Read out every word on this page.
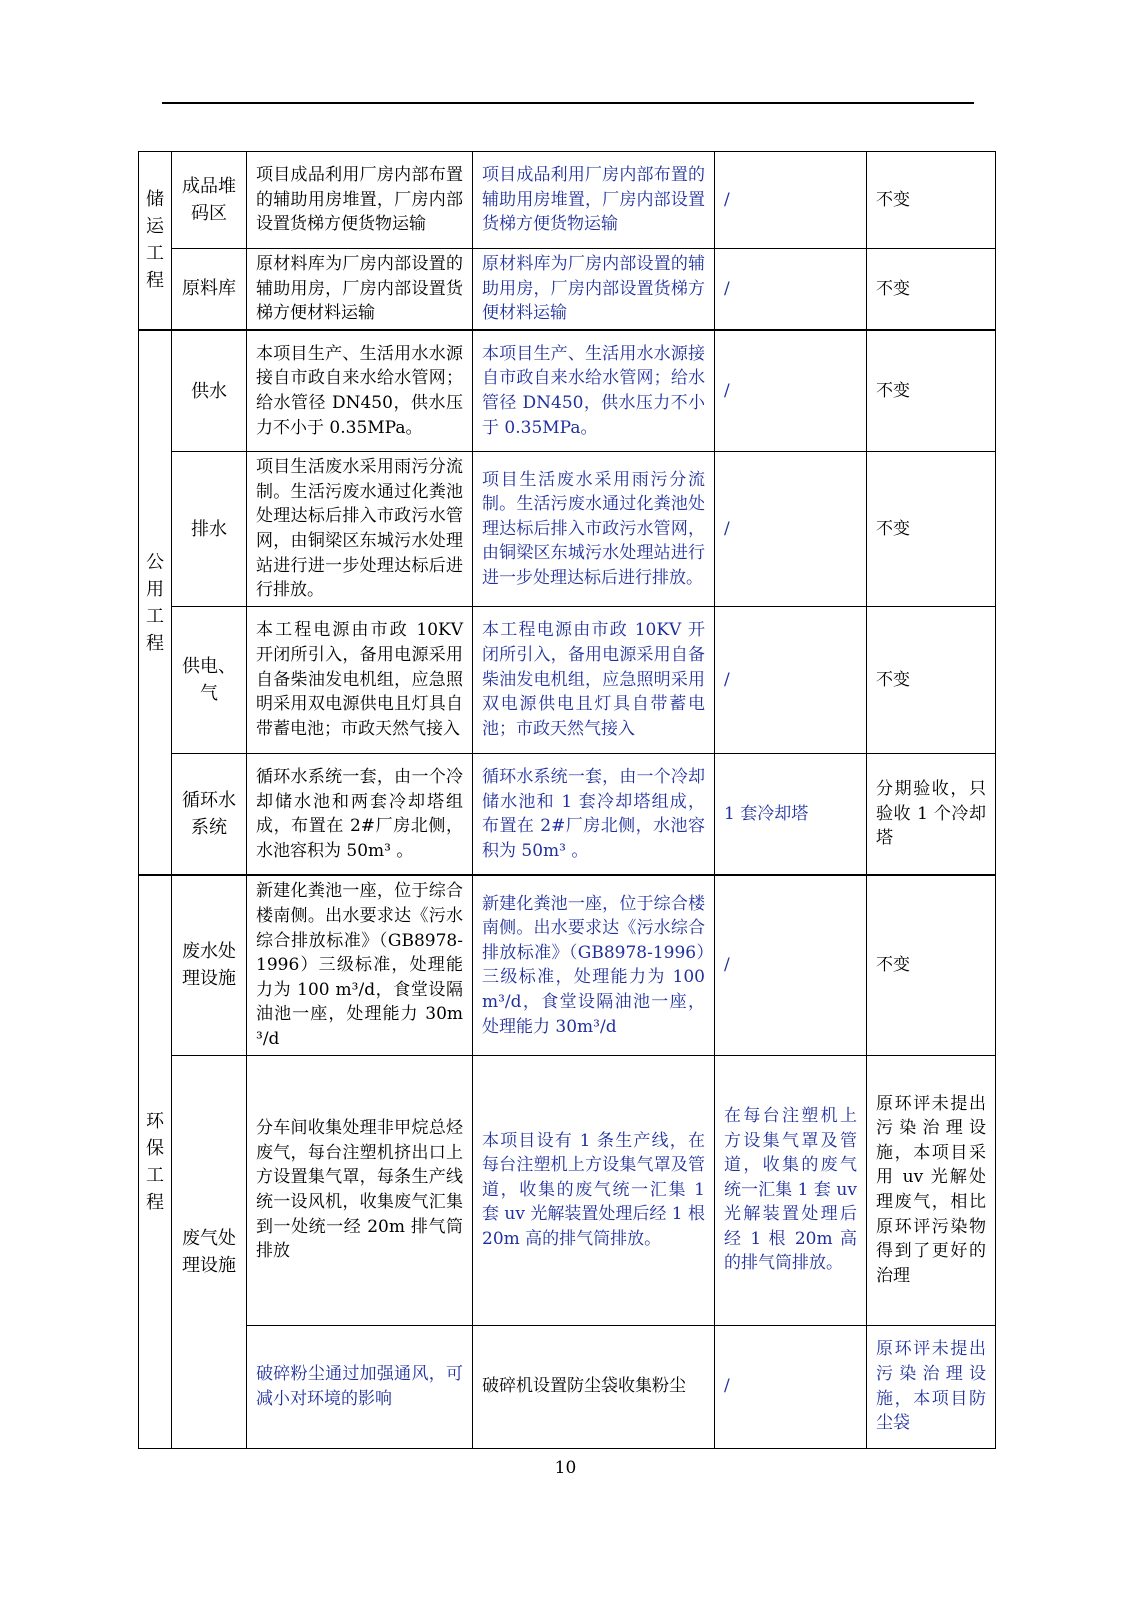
储运工程	成品堆码区	项目成品利用厂房内部布置的辅助用房堆置，厂房内部设置货梯方便货物运输	项目成品利用厂房内部布置的辅助用房堆置，厂房内部设置货梯方便货物运输	/	不变
	原料库	原材料库为厂房内部设置的辅助用房，厂房内部设置货梯方便材料运输	原材料库为厂房内部设置的辅助用房，厂房内部设置货梯方便材料运输	/	不变
公用工程	供水	本项目生产、生活用水水源接自市政自来水给水管网；给水管径 DN450，供水压力不小于 0.35MPa。	本项目生产、生活用水水源接自市政自来水给水管网；给水管径 DN450，供水压力不小于 0.35MPa。	/	不变
	排水	项目生活废水采用雨污分流制。生活污废水通过化粪池处理达标后排入市政污水管网，由铜梁区东城污水处理站进行进一步处理达标后进行排放。	项目生活废水采用雨污分流制。生活污废水通过化粪池处理达标后排入市政污水管网，由铜梁区东城污水处理站进行进一步处理达标后进行排放。	/	不变
	供电、气	本工程电源由市政 10KV 开闭所引入，备用电源采用自备柴油发电机组，应急照明采用双电源供电且灯具自带蓄电池；市政天然气接入	本工程电源由市政 10KV 开闭所引入，备用电源采用自备柴油发电机组，应急照明采用双电源供电且灯具自带蓄电池；市政天然气接入	/	不变
	循环水系统	循环水系统一套，由一个冷却储水池和两套冷却塔组成，布置在 2#厂房北侧，水池容积为 50m³ 。	循环水系统一套，由一个冷却储水池和 1 套冷却塔组成，布置在 2#厂房北侧，水池容积为 50m³ 。	1 套冷却塔	分期验收，只验收 1 个冷却塔
环保工程	废水处理设施	新建化粪池一座，位于综合楼南侧。出水要求达《污水综合排放标准》（GB8978-1996）三级标准，处理能力为 100 m³/d，食堂设隔油池一座，处理能力 30m³/d	新建化粪池一座，位于综合楼南侧。出水要求达《污水综合排放标准》（GB8978-1996）三级标准，处理能力为 100 m³/d，食堂设隔油池一座，处理能力 30m³/d	/	不变
	废气处理设施	分车间收集处理非甲烷总烃废气，每台注塑机挤出口上方设置集气罩，每条生产线统一设风机，收集废气汇集到一处统一经 20m 排气筒排放	本项目设有 1 条生产线，在每台注塑机上方设集气罩及管道，收集的废气统一汇集 1 套 uv 光解装置处理后经 1 根 20m 高的排气筒排放。	在每台注塑机上方设集气罩及管道，收集的废气统一汇集 1 套 uv 光解装置处理后经 1 根 20m 高的排气筒排放。	原环评未提出污染治理设施，本项目采用 uv 光解处理废气，相比原环评污染物得到了更好的治理
		破碎粉尘通过加强通风，可减小对环境的影响	破碎机设置防尘袋收集粉尘	/	原环评未提出污染治理设施，本项目防尘袋
10
